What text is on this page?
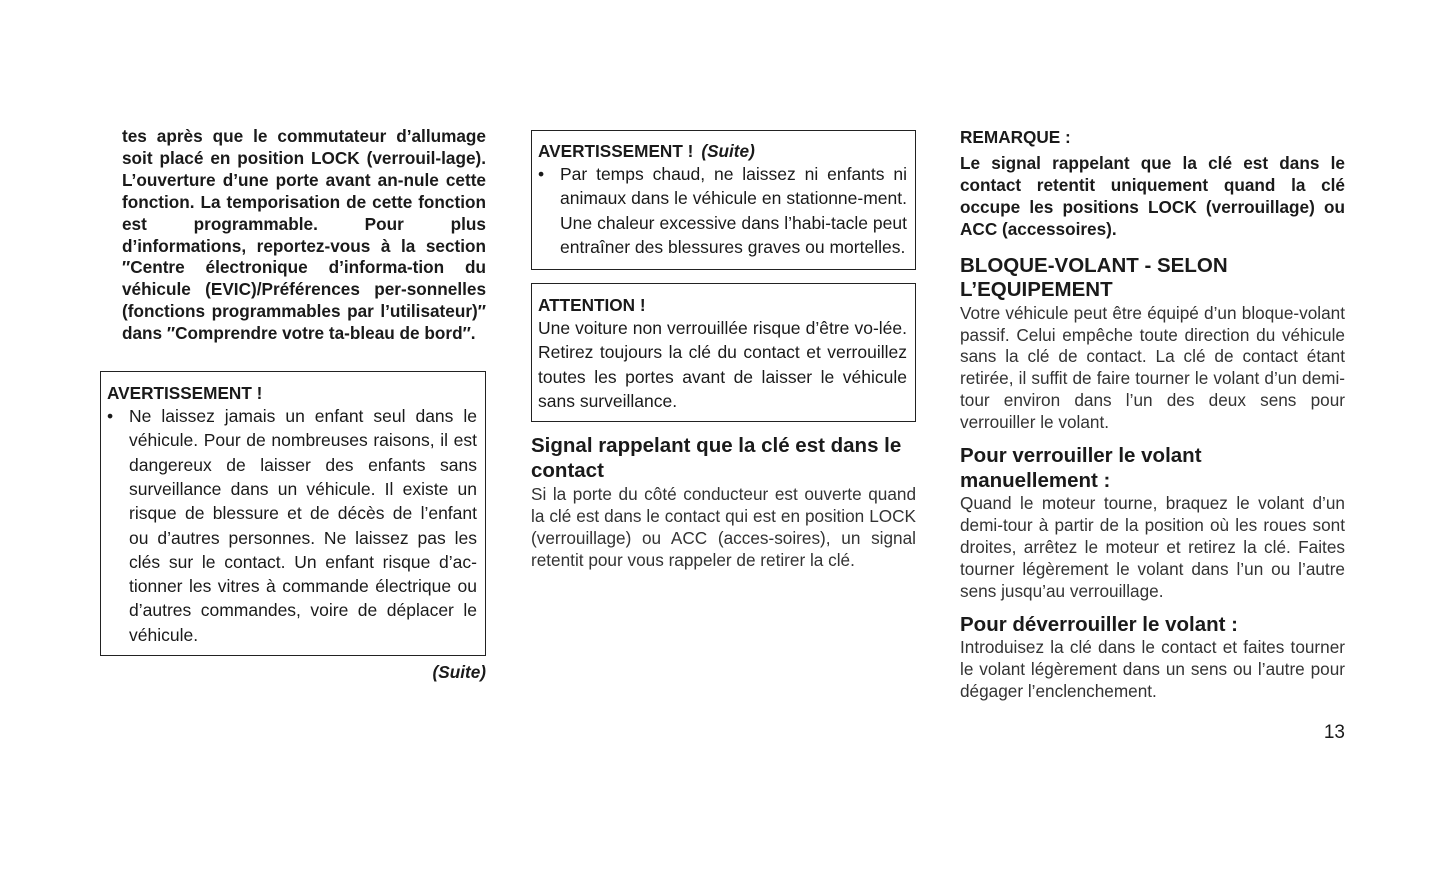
tes après que le commutateur d’allumage soit placé en position LOCK (verrouil-lage). L’ouverture d’une porte avant an-nule cette fonction. La temporisation de cette fonction est programmable. Pour plus d’informations, reportez-vous à la section ″Centre électronique d’informa-tion du véhicule (EVIC)/Préférences per-sonnelles (fonctions programmables par l’utilisateur)″ dans ″Comprendre votre ta-bleau de bord″.

AVERTISSEMENT !

• Ne laissez jamais un enfant seul dans le véhicule. Pour de nombreuses raisons, il est dangereux de laisser des enfants sans surveillance dans un véhicule. Il existe un risque de blessure et de décès de l’enfant ou d’autres personnes. Ne laissez pas les clés sur le contact. Un enfant risque d’ac-tionner les vitres à commande électrique ou d’autres commandes, voire de déplacer le véhicule.

(Suite)

AVERTISSEMENT ! (Suite)

• Par temps chaud, ne laissez ni enfants ni animaux dans le véhicule en stationne-ment. Une chaleur excessive dans l’habi-tacle peut entraîner des blessures graves ou mortelles.

ATTENTION !

Une voiture non verrouillée risque d’être vo-lée. Retirez toujours la clé du contact et verrouillez toutes les portes avant de laisser le véhicule sans surveillance.

Signal rappelant que la clé est dans le contact

Si la porte du côté conducteur est ouverte quand la clé est dans le contact qui est en position LOCK (verrouillage) ou ACC (acces-soires), un signal retentit pour vous rappeler de retirer la clé.

REMARQUE :

Le signal rappelant que la clé est dans le contact retentit uniquement quand la clé occupe les positions LOCK (verrouillage) ou ACC (accessoires).

BLOQUE-VOLANT - SELON L’EQUIPEMENT

Votre véhicule peut être équipé d’un bloque-volant passif. Celui empêche toute direction du véhicule sans la clé de contact. La clé de contact étant retirée, il suffit de faire tourner le volant d’un demi-tour environ dans l’un des deux sens pour verrouiller le volant.

Pour verrouiller le volant manuellement :

Quand le moteur tourne, braquez le volant d’un demi-tour à partir de la position où les roues sont droites, arrêtez le moteur et retirez la clé. Faites tourner légèrement le volant dans l’un ou l’autre sens jusqu’au verrouillage.

Pour déverrouiller le volant :

Introduisez la clé dans le contact et faites tourner le volant légèrement dans un sens ou l’autre pour dégager l’enclenchement.

13
